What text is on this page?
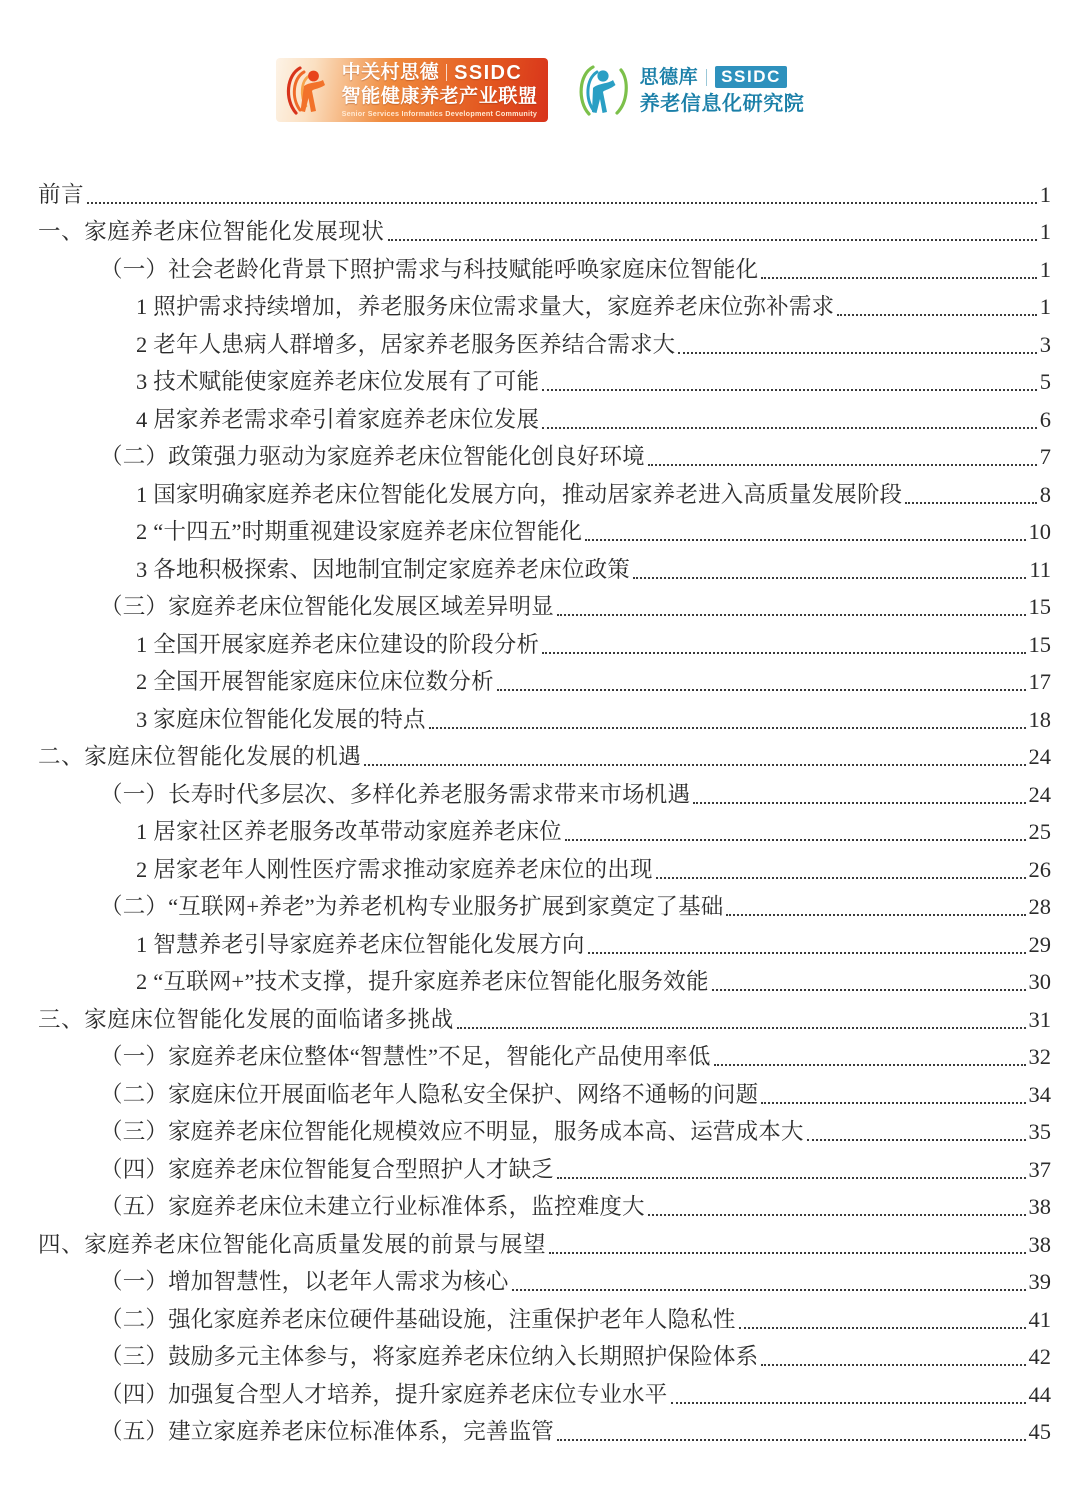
中关村思德 SSIDC
智能健康养老产业联盟
Senior Services Informatics Development Community
思德库	SSIDC
养老信息化研究院
前言	1
一、家庭养老床位智能化发展现状	1
（一）社会老龄化背景下照护需求与科技赋能呼唤家庭床位智能化	1
1 照护需求持续增加，养老服务床位需求量大，家庭养老床位弥补需求	1
2 老年人患病人群增多，居家养老服务医养结合需求大	3
3 技术赋能使家庭养老床位发展有了可能	5
4 居家养老需求牵引着家庭养老床位发展	6
（二）政策强力驱动为家庭养老床位智能化创良好环境	7
1 国家明确家庭养老床位智能化发展方向，推动居家养老进入高质量发展阶段	8
2 “十四五”时期重视建设家庭养老床位智能化	10
3 各地积极探索、因地制宜制定家庭养老床位政策	11
（三）家庭养老床位智能化发展区域差异明显	15
1 全国开展家庭养老床位建设的阶段分析	15
2 全国开展智能家庭床位床位数分析	17
3 家庭床位智能化发展的特点	18
二、家庭床位智能化发展的机遇	24
（一）长寿时代多层次、多样化养老服务需求带来市场机遇	24
1 居家社区养老服务改革带动家庭养老床位	25
2 居家老年人刚性医疗需求推动家庭养老床位的出现	26
（二）“互联网+养老”为养老机构专业服务扩展到家奠定了基础	28
1 智慧养老引导家庭养老床位智能化发展方向	29
2 “互联网+”技术支撑，提升家庭养老床位智能化服务效能	30
三、家庭床位智能化发展的面临诸多挑战	31
（一）家庭养老床位整体“智慧性”不足，智能化产品使用率低	32
（二）家庭床位开展面临老年人隐私安全保护、网络不通畅的问题	34
（三）家庭养老床位智能化规模效应不明显，服务成本高、运营成本大	35
（四）家庭养老床位智能复合型照护人才缺乏	37
（五）家庭养老床位未建立行业标准体系，监控难度大	38
四、家庭养老床位智能化高质量发展的前景与展望	38
（一）增加智慧性，以老年人需求为核心	39
（二）强化家庭养老床位硬件基础设施，注重保护老年人隐私性	41
（三）鼓励多元主体参与，将家庭养老床位纳入长期照护保险体系	42
（四）加强复合型人才培养，提升家庭养老床位专业水平	44
（五）建立家庭养老床位标准体系，完善监管	45
